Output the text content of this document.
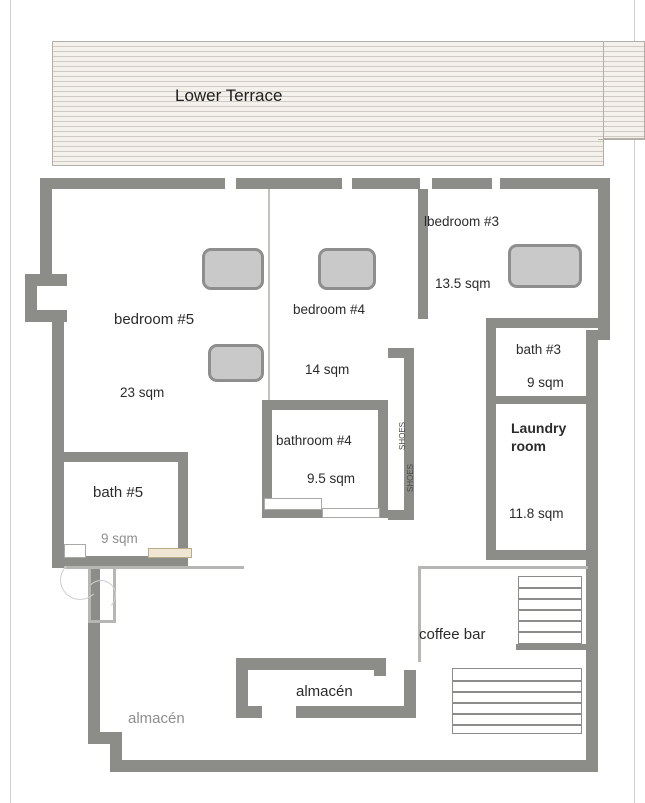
Lower Terrace
SHOES
SHOES
bedroom #5
23 sqm
bedroom #4
14 sqm
lbedroom #3
13.5 sqm
bath #3
9 sqm
Laundry room
11.8 sqm
bathroom #4
9.5 sqm
bath #5
9 sqm
coffee bar
almacén
almacén
